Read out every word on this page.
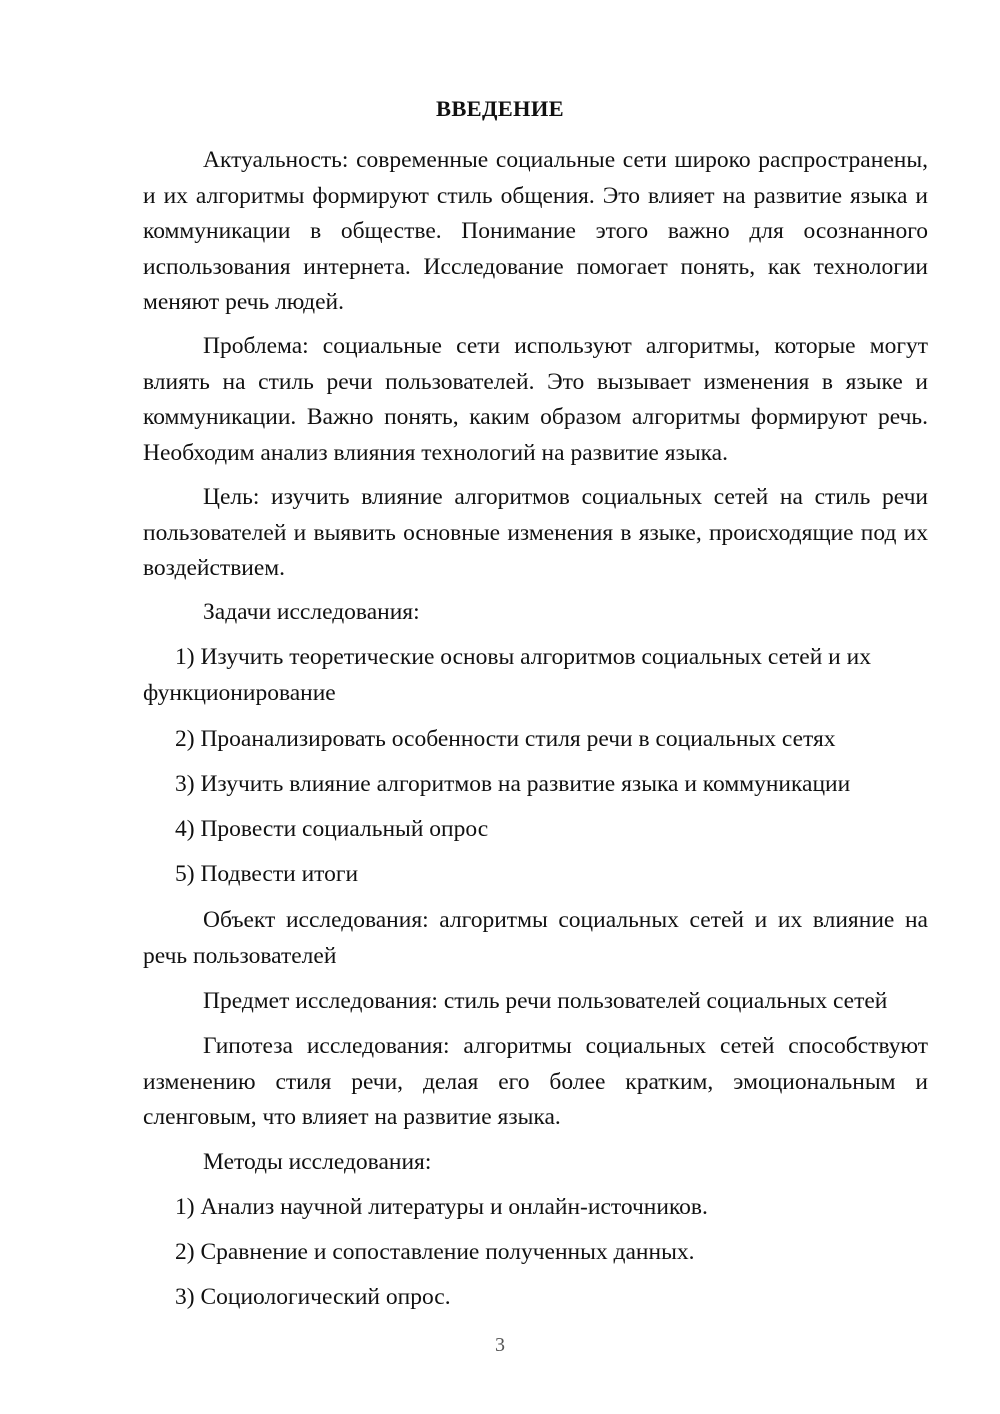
ВВЕДЕНИЕ

Актуальность: современные социальные сети широко распространены, и их алгоритмы формируют стиль общения. Это влияет на развитие языка и коммуникации в обществе. Понимание этого важно для осознанного использования интернета. Исследование помогает понять, как технологии меняют речь людей.

Проблема: социальные сети используют алгоритмы, которые могут влиять на стиль речи пользователей. Это вызывает изменения в языке и коммуникации. Важно понять, каким образом алгоритмы формируют речь. Необходим анализ влияния технологий на развитие языка.

Цель: изучить влияние алгоритмов социальных сетей на стиль речи пользователей и выявить основные изменения в языке, происходящие под их воздействием.

Задачи исследования:

1) Изучить теоретические основы алгоритмов социальных сетей и их функционирование

2) Проанализировать особенности стиля речи в социальных сетях

3) Изучить влияние алгоритмов на развитие языка и коммуникации

4) Провести социальный опрос

5) Подвести итоги

Объект исследования: алгоритмы социальных сетей и их влияние на речь пользователей

Предмет исследования: стиль речи пользователей социальных сетей

Гипотеза исследования: алгоритмы социальных сетей способствуют изменению стиля речи, делая его более кратким, эмоциональным и сленговым, что влияет на развитие языка.

Методы исследования:

1) Анализ научной литературы и онлайн-источников.

2) Сравнение и сопоставление полученных данных.

3) Социологический опрос.

3
